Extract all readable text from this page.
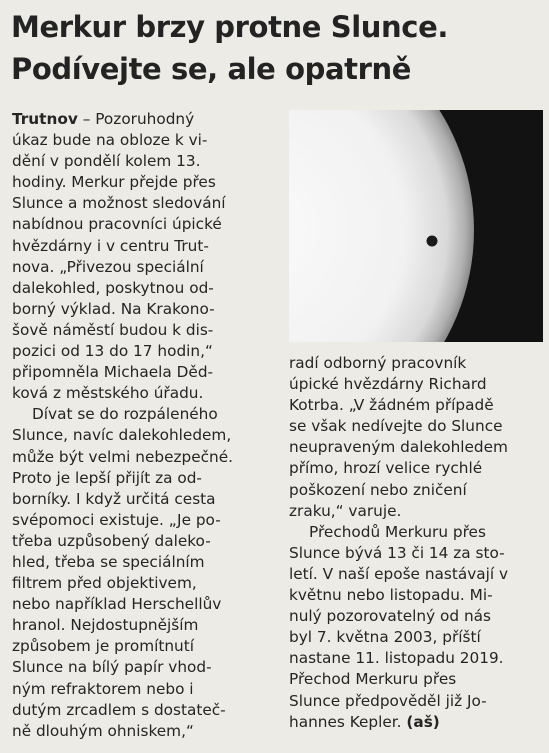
Merkur brzy protne Slunce.
Podívejte se, ale opatrně
Trutnov – Pozoruhodný
úkaz bude na obloze k vi-
dění v pondělí kolem 13.
hodiny. Merkur přejde přes
Slunce a možnost sledování
nabídnou pracovníci úpické
hvězdárny i v centru Trut-
nova. „Přivezou speciální
dalekohled, poskytnou od-
borný výklad. Na Krakono-
šově náměstí budou k dis-
pozici od 13 do 17 hodin,“
připomněla Michaela Děd-
ková z městského úřadu.
Dívat se do rozpáleného
Slunce, navíc dalekohledem,
může být velmi nebezpečné.
Proto je lepší přijít za od-
borníky. I když určitá cesta
svépomoci existuje. „Je po-
třeba uzpůsobený daleko-
hled, třeba se speciálním
filtrem před objektivem,
nebo například Herschellův
hranol. Nejdostupnějším
způsobem je promítnutí
Slunce na bílý papír vhod-
ným refraktorem nebo i
dutým zrcadlem s dostateč-
ně dlouhým ohniskem,“
radí odborný pracovník
úpické hvězdárny Richard
Kotrba. „V žádném případě
se však nedívejte do Slunce
neupraveným dalekohledem
přímo, hrozí velice rychlé
poškození nebo zničení
zraku,“ varuje.
Přechodů Merkuru přes
Slunce bývá 13 či 14 za sto-
letí. V naší epoše nastávají v
květnu nebo listopadu. Mi-
nulý pozorovatelný od nás
byl 7. května 2003, příští
nastane 11. listopadu 2019.
Přechod Merkuru přes
Slunce předpověděl již Jo-
hannes Kepler. (aš)
